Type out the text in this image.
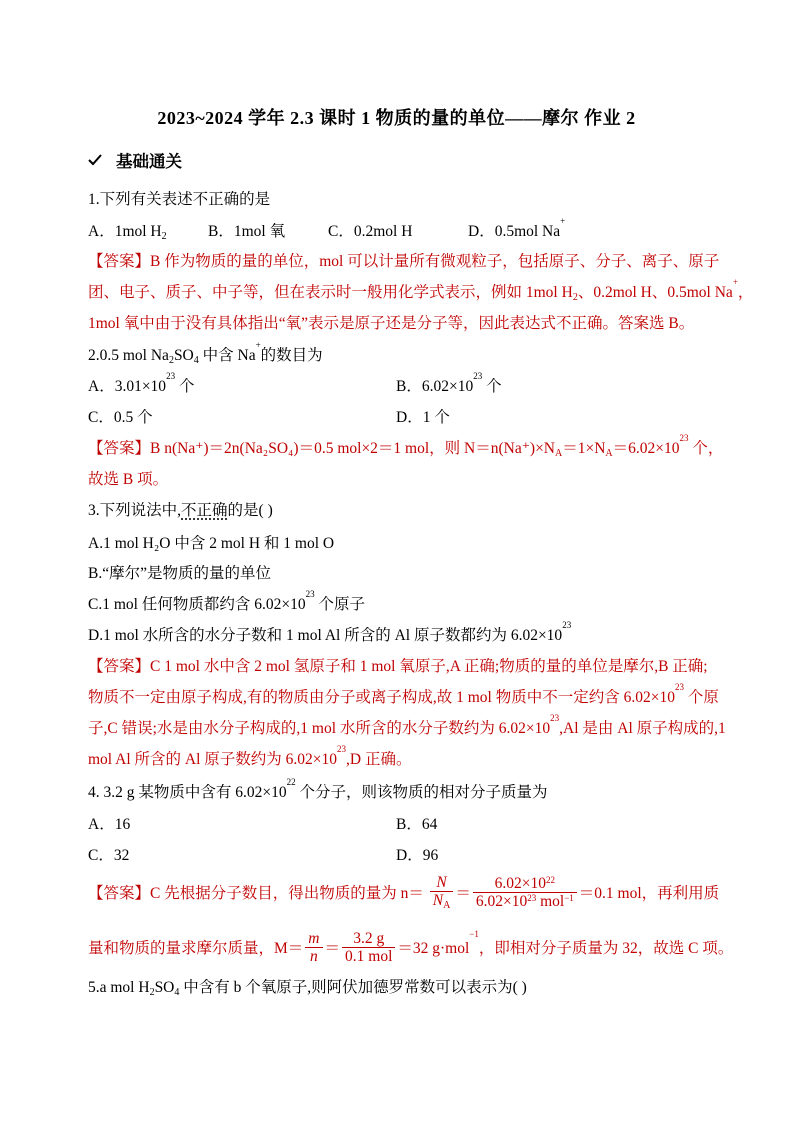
2023~2024 学年 2.3 课时 1 物质的量的单位——摩尔 作业 2
基础通关
1.下列有关表述不正确的是
A．1mol $H_2$	B．1mol 氧	C．0.2mol H	D．0.5mol Na+
【答案】B 作为物质的量的单位，mol 可以计量所有微观粒子，包括原子、分子、离子、原子
团、电子、质子、中子等，但在表示时一般用化学式表示，例如 1mol $H_2$、0.2mol H、0.5mol Na+，
1mol 氧中由于没有具体指出“氧”表示是原子还是分子等，因此表达式不正确。答案选 B。
2.0.5 mol $Na_2SO_4$ 中含 Na+的数目为
A．$3.01\times 10^{23}$ 个	B．$6.02\times 10^{23}$ 个
C．0.5 个	D．1 个
【答案】B n(Na⁺)＝2n(Na₂SO₄)＝0.5 mol×2＝1 mol，则 $N=n(Na^+)\times N_A=1\times N_A=6.02\times 10^{23}$ 个，
故选 B 项。
3.下列说法中,不正确的是( )
A.1 mol H₂O 中含 2 mol H 和 1 mol O
B.“摩尔”是物质的量的单位
C.1 mol 任何物质都约含 $6.02\times 10^{23}$ 个原子
D.1 mol 水所含的水分子数和 1 mol Al 所含的 Al 原子数都约为 $6.02\times 10^{23}$
【答案】C 1 mol 水中含 2 mol 氢原子和 1 mol 氧原子,A 正确;物质的量的单位是摩尔,B 正确;
物质不一定由原子构成,有的物质由分子或离子构成,故 1 mol 物质中不一定约含 $6.02\times 10^{23}$ 个原
子,C 错误;水是由水分子构成的,1 mol 水所含的水分子数约为 $6.02\times 10^{23},Al$ 是由 Al 原子构成的,1
mol Al 所含的 Al 原子数约为 $6.02\times 10^{23},D$ 正确。
4. 3.2 g 某物质中含有 $6.02\times 10^{22}$ 个分子，则该物质的相对分子质量为
A．16	B．64
C．32	D．96
【答案】C 先根据分子数目，得出物质的量为 $n= \frac{N}{N_A} = \frac{6.02\times 10^{22}}{6.02\times 10^{23} mol^{-1}} =0.1$ mol，再利用质
量和物质的量求摩尔质量，$M= \frac{m}{n} = \frac{3.2 g}{\text{0.1 mol}} =32$ g·mol$^{-1}$，即相对分子质量为 32，故选 C 项。
5.a mol $H_2SO_4$ 中含有 b 个氧原子,则阿伏加德罗常数可以表示为( )
